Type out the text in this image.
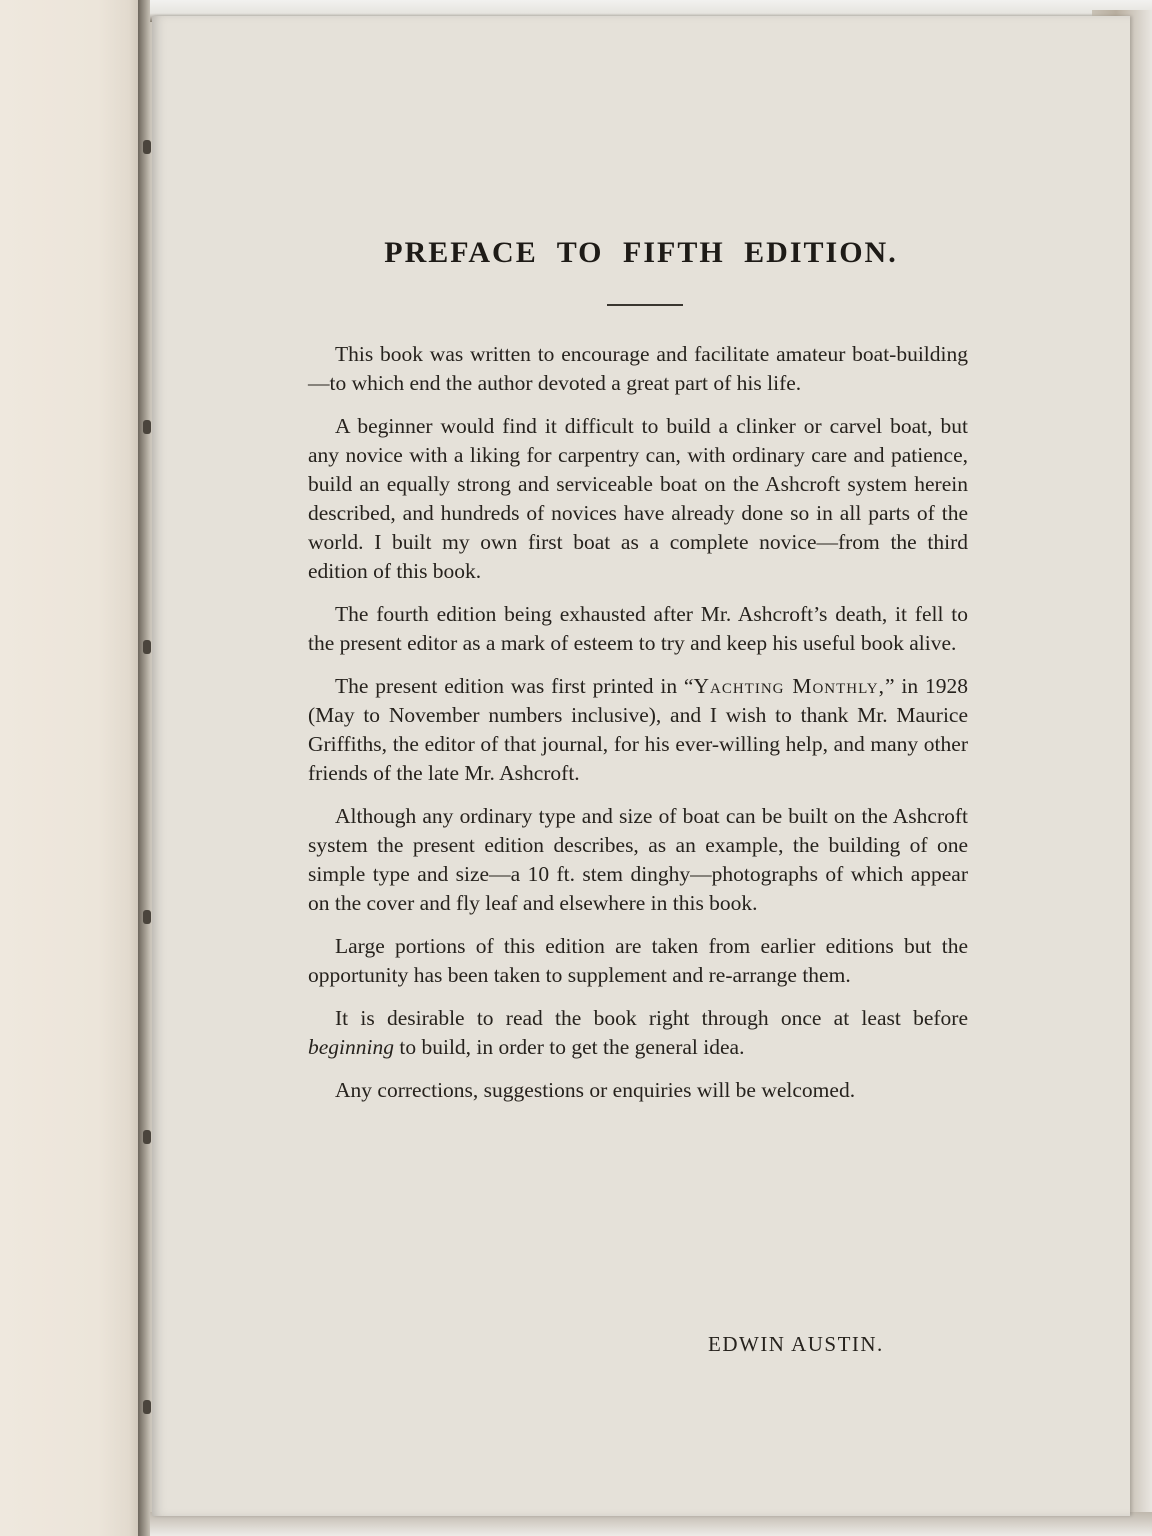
PREFACE TO FIFTH EDITION.

This book was written to encourage and facilitate amateur boat-building—to which end the author devoted a great part of his life.

A beginner would find it difficult to build a clinker or carvel boat, but any novice with a liking for carpentry can, with ordinary care and patience, build an equally strong and serviceable boat on the Ashcroft system herein described, and hundreds of novices have already done so in all parts of the world. I built my own first boat as a complete novice—from the third edition of this book.

The fourth edition being exhausted after Mr. Ashcroft’s death, it fell to the present editor as a mark of esteem to try and keep his useful book alive.

The present edition was first printed in “Yachting Monthly,” in 1928 (May to November numbers inclusive), and I wish to thank Mr. Maurice Griffiths, the editor of that journal, for his ever-willing help, and many other friends of the late Mr. Ashcroft.

Although any ordinary type and size of boat can be built on the Ashcroft system the present edition describes, as an example, the building of one simple type and size—a 10 ft. stem dinghy—photographs of which appear on the cover and fly leaf and elsewhere in this book.

Large portions of this edition are taken from earlier editions but the opportunity has been taken to supplement and re-arrange them.

It is desirable to read the book right through once at least before beginning to build, in order to get the general idea.

Any corrections, suggestions or enquiries will be welcomed.

EDWIN AUSTIN.
